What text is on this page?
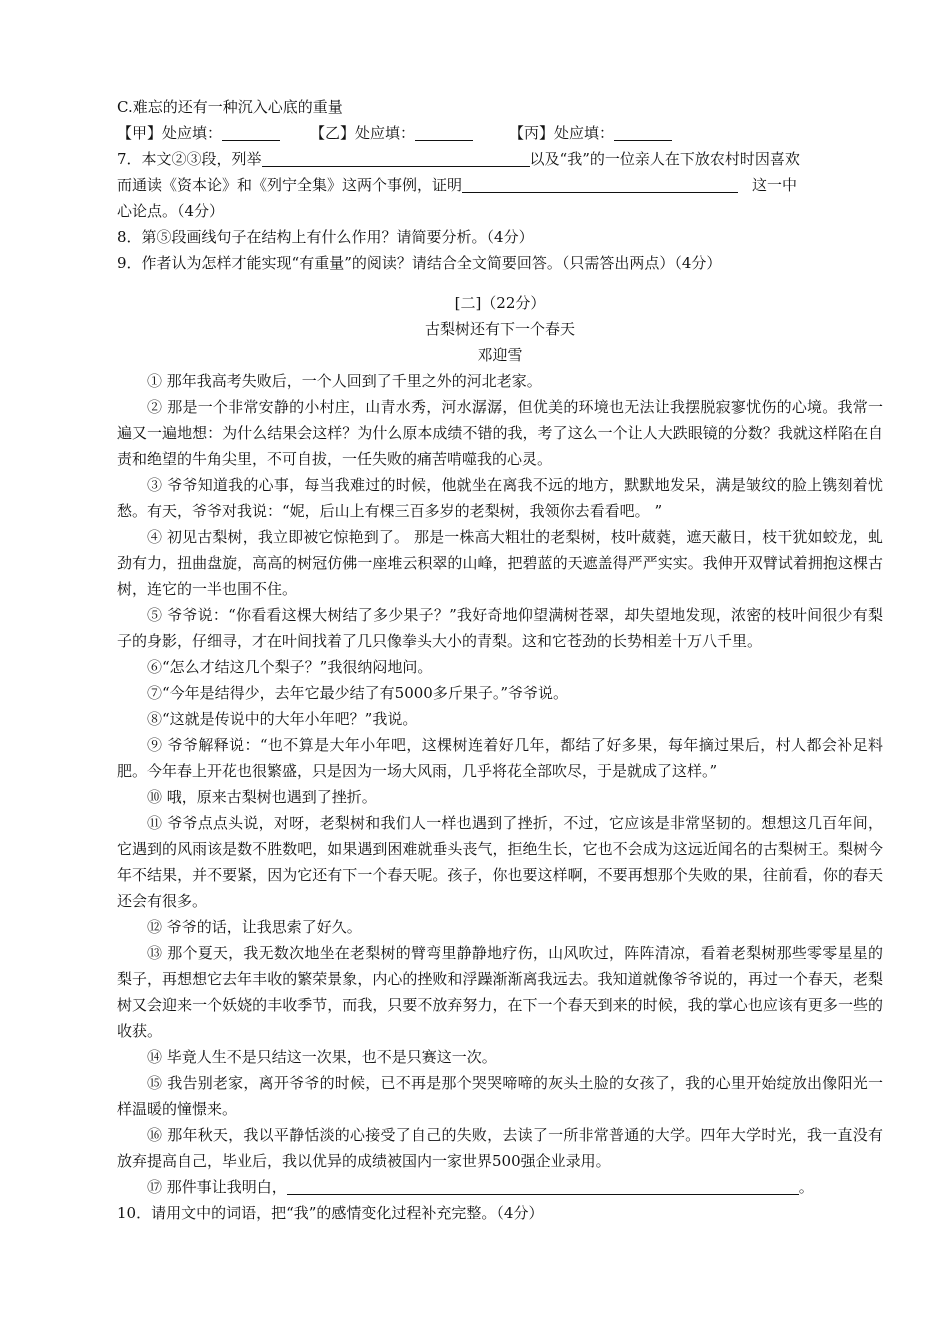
C.难忘的还有一种沉入心底的重量
【甲】处应填：	【乙】处应填：	【丙】处应填：
7．本文②③段，列举	以及“我”的一位亲人在下放农村时因喜欢
而通读《资本论》和《列宁全集》这两个事例，证明	这一中
心论点。（4分）
8．第⑤段画线句子在结构上有什么作用？请简要分析。（4分）
9．作者认为怎样才能实现“有重量”的阅读？请结合全文简要回答。（只需答出两点）（4分）
[二]（22分）
古梨树还有下一个春天
邓迎雪
① 那年我高考失败后，一个人回到了千里之外的河北老家。
② 那是一个非常安静的小村庄，山青水秀，河水潺潺，但优美的环境也无法让我摆脱寂寥忧伤的心境。我常一遍又一遍地想：为什么结果会这样？为什么原本成绩不错的我，考了这么一个让人大跌眼镜的分数？我就这样陷在自责和绝望的牛角尖里，不可自拔，一任失败的痛苦啃噬我的心灵。
③ 爷爷知道我的心事，每当我难过的时候，他就坐在离我不远的地方，默默地发呆，满是皱纹的脸上镌刻着忧愁。有天，爷爷对我说：“妮，后山上有棵三百多岁的老梨树，我领你去看看吧。 ”
④ 初见古梨树，我立即被它惊艳到了。 那是一株高大粗壮的老梨树，枝叶葳蕤，遮天蔽日，枝干犹如蛟龙，虬劲有力，扭曲盘旋，高高的树冠仿佛一座堆云积翠的山峰，把碧蓝的天遮盖得严严实实。我伸开双臂试着拥抱这棵古树，连它的一半也围不住。
⑤ 爷爷说：“你看看这棵大树结了多少果子？”我好奇地仰望满树苍翠，却失望地发现，浓密的枝叶间很少有梨子的身影，仔细寻，才在叶间找着了几只像拳头大小的青梨。这和它苍劲的长势相差十万八千里。
⑥“怎么才结这几个梨子？”我很纳闷地问。
⑦“今年是结得少，去年它最少结了有5000多斤果子。”爷爷说。
⑧“这就是传说中的大年小年吧？”我说。
⑨ 爷爷解释说：“也不算是大年小年吧，这棵树连着好几年，都结了好多果，每年摘过果后，村人都会补足料肥。今年春上开花也很繁盛，只是因为一场大风雨，几乎将花全部吹尽，于是就成了这样。”
⑩ 哦，原来古梨树也遇到了挫折。
⑪ 爷爷点点头说，对呀，老梨树和我们人一样也遇到了挫折，不过，它应该是非常坚韧的。想想这几百年间，它遇到的风雨该是数不胜数吧，如果遇到困难就垂头丧气，拒绝生长，它也不会成为这远近闻名的古梨树王。梨树今年不结果，并不要紧，因为它还有下一个春天呢。孩子，你也要这样啊，不要再想那个失败的果，往前看，你的春天还会有很多。
⑫ 爷爷的话，让我思索了好久。
⑬ 那个夏天，我无数次地坐在老梨树的臂弯里静静地疗伤，山风吹过，阵阵清凉，看着老梨树那些零零星星的梨子，再想想它去年丰收的繁荣景象，内心的挫败和浮躁渐渐离我远去。我知道就像爷爷说的，再过一个春天，老梨树又会迎来一个妖娆的丰收季节，而我，只要不放弃努力，在下一个春天到来的时候，我的掌心也应该有更多一些的收获。
⑭ 毕竟人生不是只结这一次果，也不是只赛这一次。
⑮ 我告别老家，离开爷爷的时候，已不再是那个哭哭啼啼的灰头土脸的女孩了，我的心里开始绽放出像阳光一样温暖的憧憬来。
⑯ 那年秋天，我以平静恬淡的心接受了自己的失败，去读了一所非常普通的大学。四年大学时光，我一直没有放弃提高自己，毕业后，我以优异的成绩被国内一家世界500强企业录用。
⑰ 那件事让我明白，	。
10．请用文中的词语，把“我”的感情变化过程补充完整。（4分）
